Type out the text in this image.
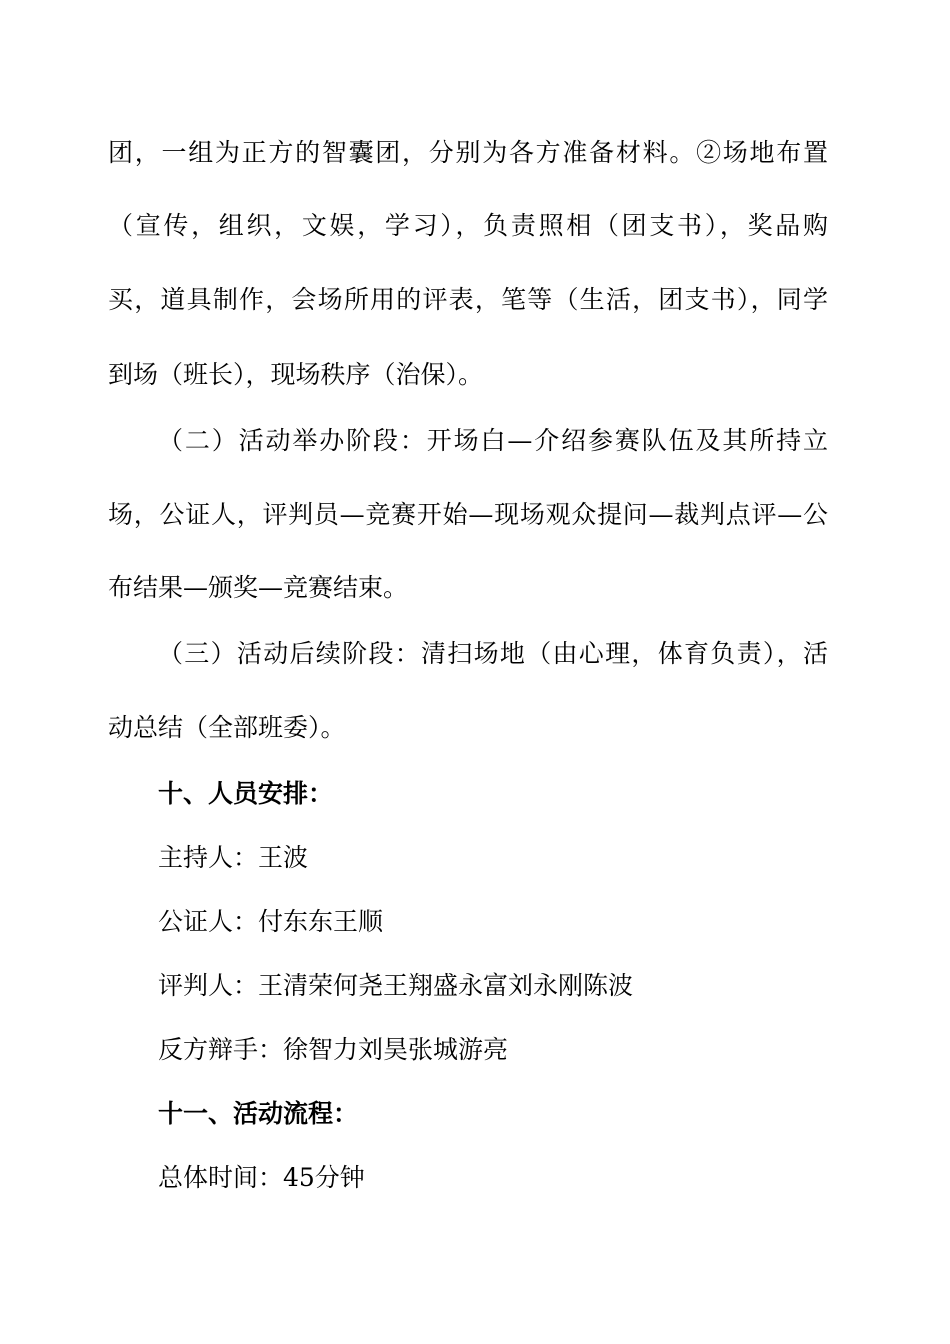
团，一组为正方的智囊团，分别为各方准备材料。②场地布置
（宣传，组织，文娱，学习），负责照相（团支书），奖品购
买，道具制作，会场所用的评表，笔等（生活，团支书），同学
到场（班长），现场秩序（治保）。
（二）活动举办阶段：开场白—介绍参赛队伍及其所持立
场，公证人，评判员—竞赛开始—现场观众提问—裁判点评—公
布结果—颁奖—竞赛结束。
（三）活动后续阶段：清扫场地（由心理，体育负责），活
动总结（全部班委）。
十、人员安排：
主持人：王波
公证人：付东东王顺
评判人：王清荣何尧王翔盛永富刘永刚陈波
反方辩手：徐智力刘昊张城游亮
十一、活动流程：
总体时间：45分钟
